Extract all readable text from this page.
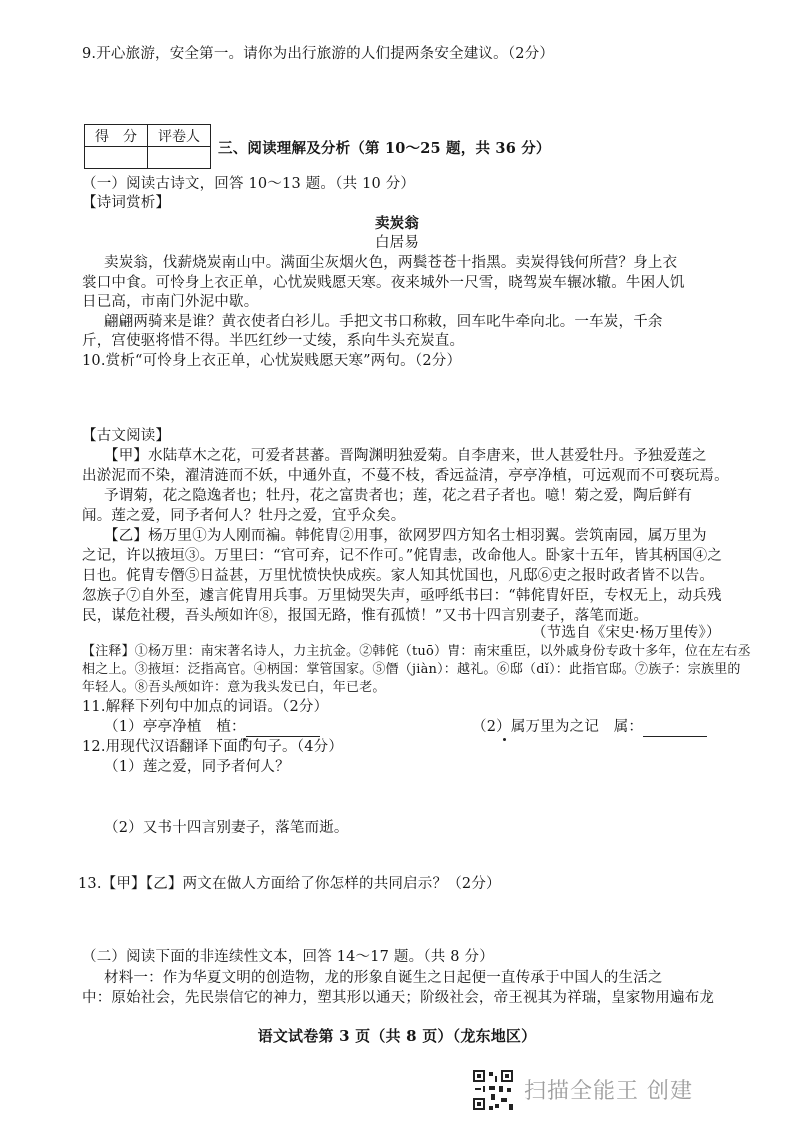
9.开心旅游，安全第一。请你为出行旅游的人们提两条安全建议。（2分）
得　分	评卷人

三、阅读理解及分析（第 10～25 题，共 36 分）
（一）阅读古诗文，回答 10～13 题。（共 10 分）
【诗词赏析】
卖炭翁
白居易
卖炭翁，伐薪烧炭南山中。满面尘灰烟火色，两鬓苍苍十指黑。卖炭得钱何所营？身上衣
裳口中食。可怜身上衣正单，心忧炭贱愿天寒。夜来城外一尺雪，晓驾炭车辗冰辙。牛困人饥
日已高，市南门外泥中歇。
翩翩两骑来是谁？黄衣使者白衫儿。手把文书口称敕，回车叱牛牵向北。一车炭，千余
斤，宫使驱将惜不得。半匹红纱一丈绫，系向牛头充炭直。
10.赏析“可怜身上衣正单，心忧炭贱愿天寒”两句。（2分）
【古文阅读】
【甲】水陆草木之花，可爱者甚蕃。晋陶渊明独爱菊。自李唐来，世人甚爱牡丹。予独爱莲之
出淤泥而不染，濯清涟而不妖，中通外直，不蔓不枝，香远益清，亭亭净植，可远观而不可亵玩焉。
予谓菊，花之隐逸者也；牡丹，花之富贵者也；莲，花之君子者也。噫！菊之爱，陶后鲜有
闻。莲之爱，同予者何人？牡丹之爱，宜乎众矣。
【乙】杨万里①为人刚而褊。韩侂胄②用事，欲网罗四方知名士相羽翼。尝筑南园，属万里为
之记，许以掖垣③。万里曰：“官可弃，记不作可。”侂胄恚，改命他人。卧家十五年，皆其柄国④之
日也。侂胄专僭⑤日益甚，万里忧愤快快成疾。家人知其忧国也，凡邸⑥吏之报时政者皆不以告。
忽族子⑦自外至，遽言侂胄用兵事。万里恸哭失声，亟呼纸书曰：“韩侂胄奸臣，专权无上，动兵残
民，谋危社稷，吾头颅如许⑧，报国无路，惟有孤愤！”又书十四言别妻子，落笔而逝。
（节选自《宋史·杨万里传》）
【注释】①杨万里：南宋著名诗人，力主抗金。②韩侂（tuō）胄：南宋重臣，以外戚身份专政十多年，位在左右丞
相之上。③掖垣：泛指高官。④柄国：掌管国家。⑤僭（jiàn）：越礼。⑥邸（dǐ）：此指官邸。⑦族子：宗族里的
年轻人。⑧吾头颅如许：意为我头发已白，年已老。
11.解释下列句中加点的词语。（2分）
（1）亭亭净植　植：	（2）属万里为之记　属：
12.用现代汉语翻译下面的句子。（4分）
（1）莲之爱，同予者何人？
（2）又书十四言别妻子，落笔而逝。
13.【甲】【乙】两文在做人方面给了你怎样的共同启示？（2分）
（二）阅读下面的非连续性文本，回答 14～17 题。（共 8 分）
材料一：作为华夏文明的创造物，龙的形象自诞生之日起便一直传承于中国人的生活之
中：原始社会，先民崇信它的神力，塑其形以通天；阶级社会，帝王视其为祥瑞，皇家物用遍布龙
语文试卷第 3 页（共 8 页）（龙东地区）
扫描全能王 创建
